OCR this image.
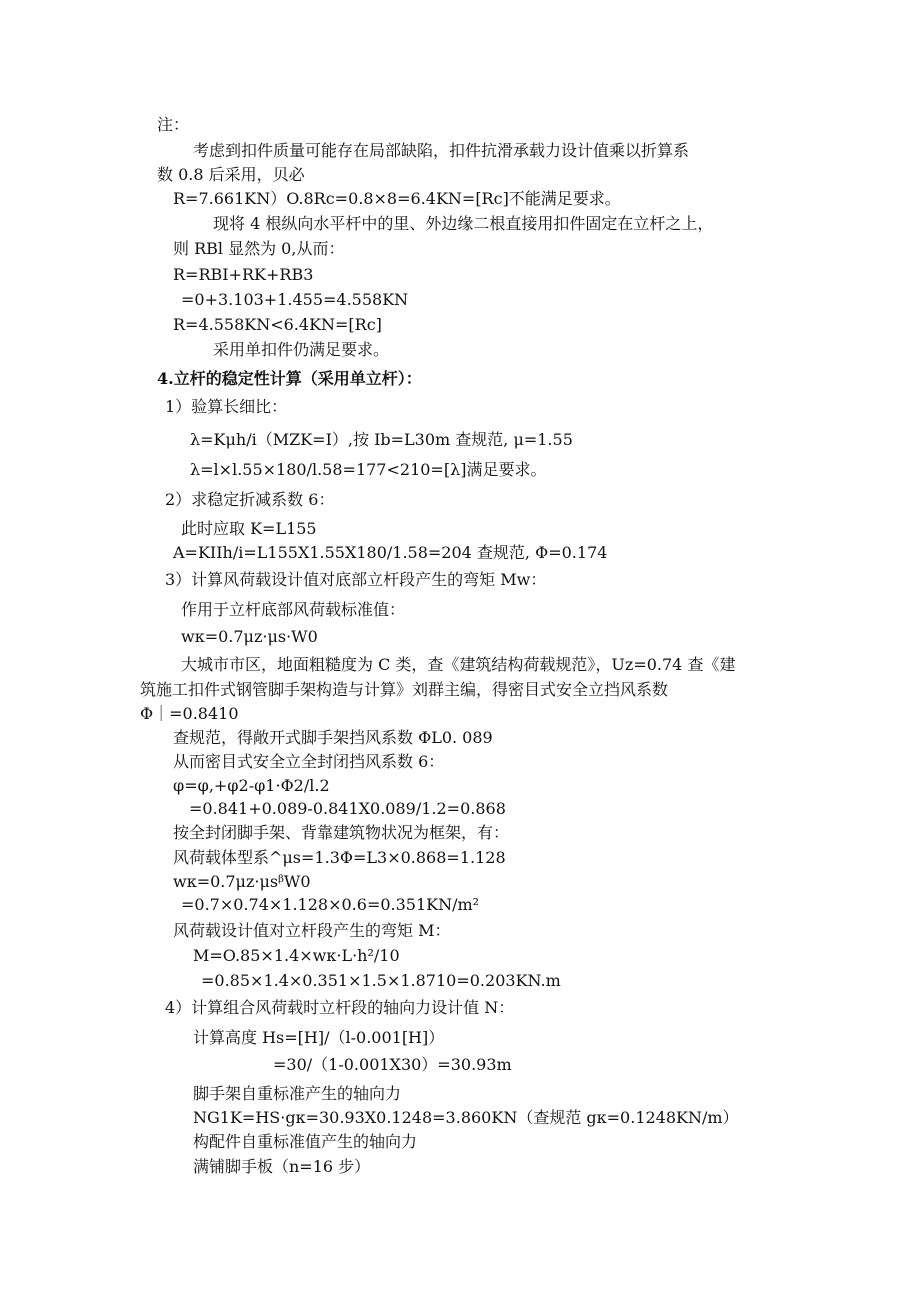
注：
考虑到扣件质量可能存在局部缺陷，扣件抗滑承载力设计值乘以折算系
数 0.8 后采用，贝必
R=7.661KN）O.8Rc=0.8×8=6.4KN=[Rc]不能满足要求。
现将 4 根纵向水平杆中的里、外边缘二根直接用扣件固定在立杆之上，
则 RBl 显然为 0,从而：
R=RBI+RK+RB3
=0+3.103+1.455=4.558KN
R=4.558KN<6.4KN=[Rc]
采用单扣件仍满足要求。
4.立杆的稳定性计算（采用单立杆）：
1）验算长细比：
λ=Kμh/i（MZK=I）,按 Ib=L30m 查规范, μ=1.55
λ=l×l.55×180/l.58=177<210=[λ]满足要求。
2）求稳定折减系数 6：
此时应取 K=L155
A=KIIh/i=L155X1.55X180/1.58=204 查规范, Φ=0.174
3）计算风荷载设计值对底部立杆段产生的弯矩 Mw：
作用于立杆底部风荷载标准值：
wκ=0.7μz·μs·W0
大城市市区，地面粗糙度为 C 类，查《建筑结构荷载规范》，Uz=0.74 查《建
筑施工扣件式钢管脚手架构造与计算》刘群主编，得密目式安全立挡风系数
Φ｜=0.8410
查规范，得敞开式脚手架挡风系数 ΦL0. 089
从而密目式安全立全封闭挡风系数 6：
φ=φ,+φ2-φ1·Φ2/l.2
=0.841+0.089-0.841X0.089/1.2=0.868
按全封闭脚手架、背靠建筑物状况为框架，有：
风荷载体型系^μs=1.3Φ=L3×0.868=1.128
wκ=0.7μz·μsᵝW0
=0.7×0.74×1.128×0.6=0.351KN/m²
风荷载设计值对立杆段产生的弯矩 M：
M=O.85×1.4×wκ·L·h²/10
=0.85×1.4×0.351×1.5×1.8710=0.203KN.m
4）计算组合风荷载时立杆段的轴向力设计值 N：
计算高度 Hs=[H]/（l-0.001[H]）
=30/（1-0.001X30）=30.93m
脚手架自重标准产生的轴向力
NG1K=HS·gκ=30.93X0.1248=3.860KN（查规范 gκ=0.1248KN/m）
构配件自重标准值产生的轴向力
满铺脚手板（n=16 步）
